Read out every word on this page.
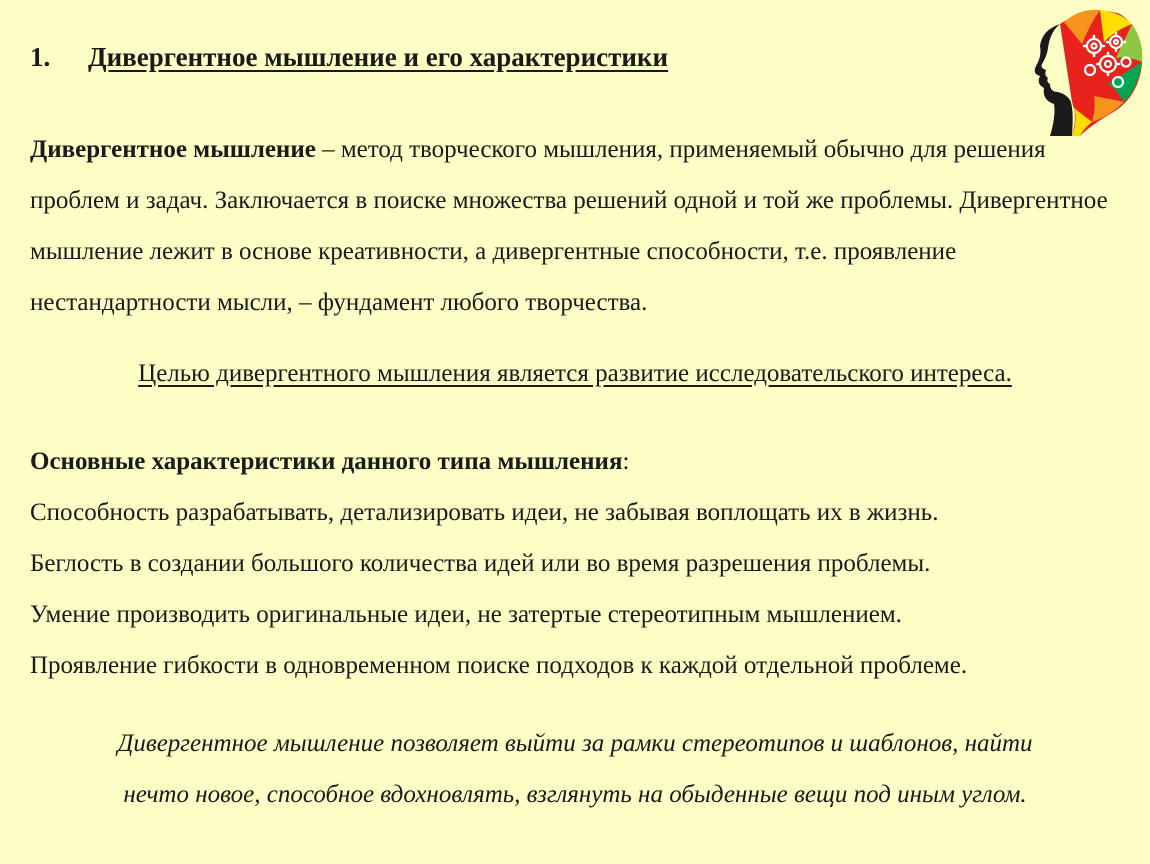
1. Дивергентное мышление и его характеристики
Дивергентное мышление – метод творческого мышления, применяемый обычно для решения проблем и задач. Заключается в поиске множества решений одной и той же проблемы. Дивергентное мышление лежит в основе креативности, а дивергентные способности, т.е. проявление нестандартности мысли, – фундамент любого творчества.
Целью дивергентного мышления является развитие исследовательского интереса.
Основные характеристики данного типа мышления:
Способность разрабатывать, детализировать идеи, не забывая воплощать их в жизнь.
Беглость в создании большого количества идей или во время разрешения проблемы.
Умение производить оригинальные идеи, не затертые стереотипным мышлением.
Проявление гибкости в одновременном поиске подходов к каждой отдельной проблеме.
Дивергентное мышление позволяет выйти за рамки стереотипов и шаблонов, найти
нечто новое, способное вдохновлять, взглянуть на обыденные вещи под иным углом.
